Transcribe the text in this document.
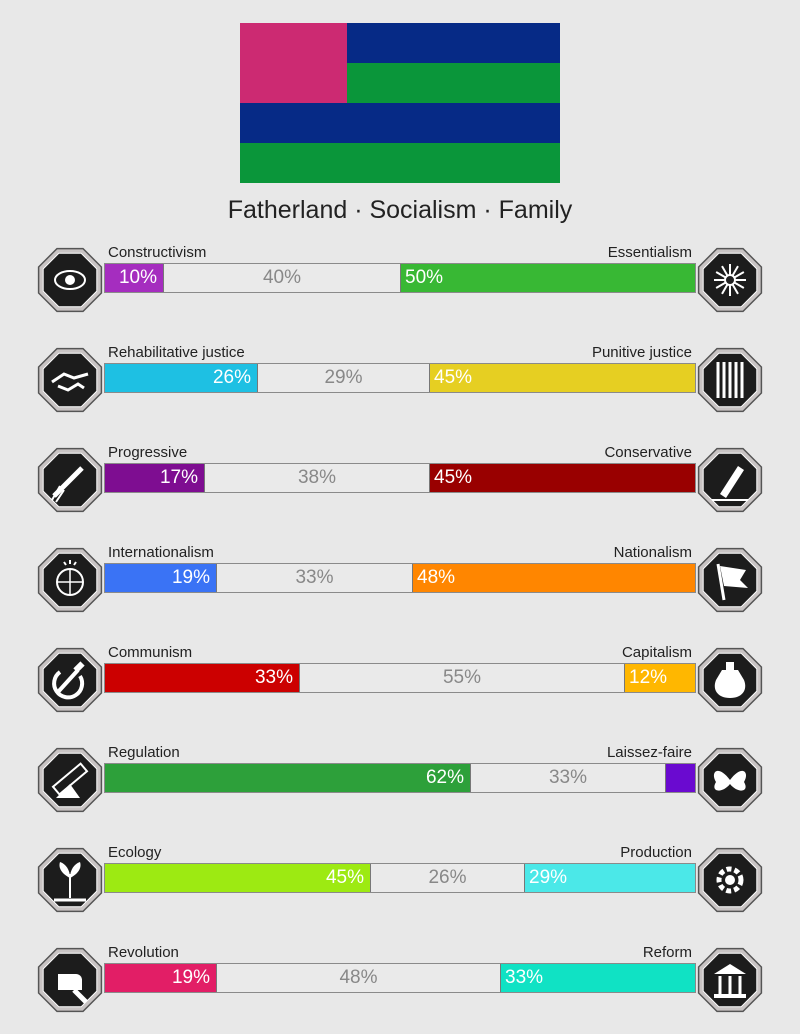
Fatherland · Socialism · Family
Constructivism	Essentialism
40%
10%	50%
Rehabilitative justice	Punitive justice
29%
26%	45%
Progressive	Conservative
38%
17%	45%
Internationalism	Nationalism
33%
19%	48%
Communism	Capitalism
55%
33%	12%
Regulation	Laissez-faire
33%
62%
Ecology	Production
26%
45%	29%
Revolution	Reform
48%
19%	33%
